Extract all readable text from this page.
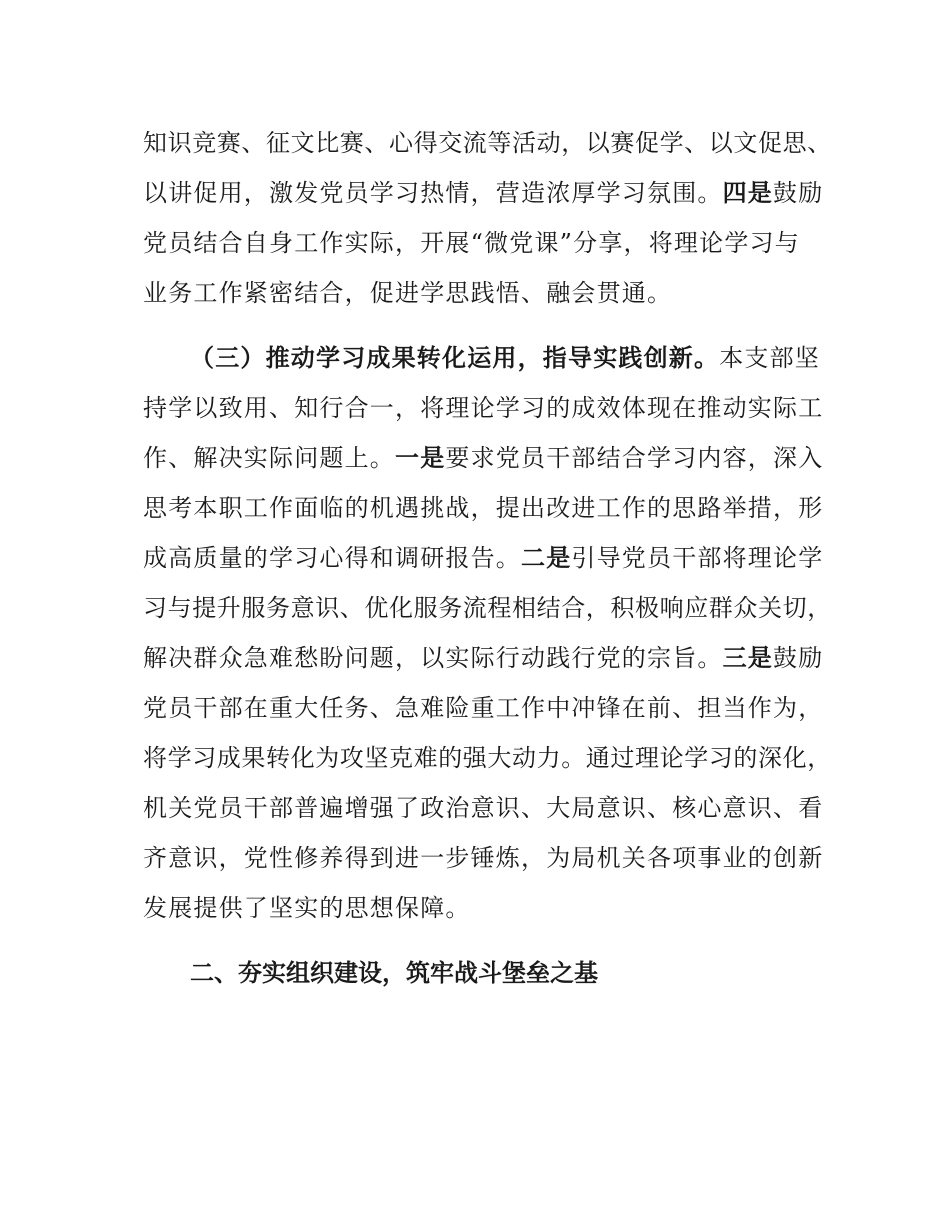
知识竞赛、征文比赛、心得交流等活动，以赛促学、以文促思、
以讲促用，激发党员学习热情，营造浓厚学习氛围。四是鼓励
党员结合自身工作实际，开展“微党课”分享，将理论学习与
业务工作紧密结合，促进学思践悟、融会贯通。
（三）推动学习成果转化运用，指导实践创新。本支部坚
持学以致用、知行合一，将理论学习的成效体现在推动实际工
作、解决实际问题上。一是要求党员干部结合学习内容，深入
思考本职工作面临的机遇挑战，提出改进工作的思路举措，形
成高质量的学习心得和调研报告。二是引导党员干部将理论学
习与提升服务意识、优化服务流程相结合，积极响应群众关切，
解决群众急难愁盼问题，以实际行动践行党的宗旨。三是鼓励
党员干部在重大任务、急难险重工作中冲锋在前、担当作为，
将学习成果转化为攻坚克难的强大动力。通过理论学习的深化，
机关党员干部普遍增强了政治意识、大局意识、核心意识、看
齐意识，党性修养得到进一步锤炼，为局机关各项事业的创新
发展提供了坚实的思想保障。
二、夯实组织建设，筑牢战斗堡垒之基
